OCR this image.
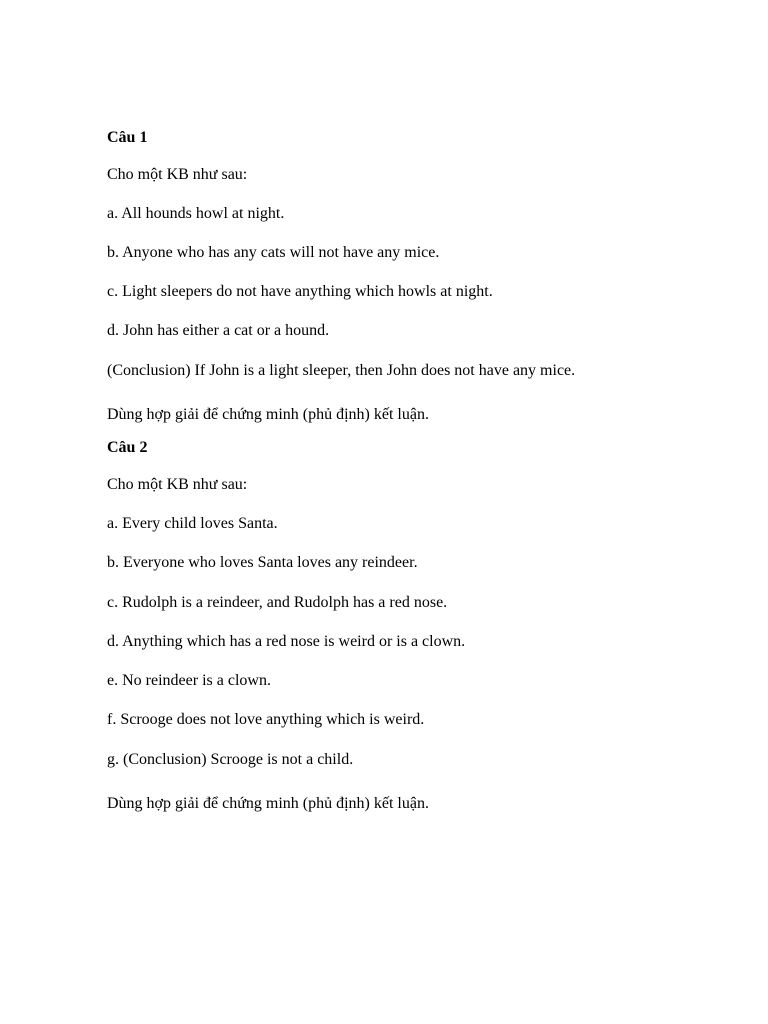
Câu 1
Cho một KB như sau:
a. All hounds howl at night.
b. Anyone who has any cats will not have any mice.
c. Light sleepers do not have anything which howls at night.
d. John has either a cat or a hound.
(Conclusion) If John is a light sleeper, then John does not have any mice.
Dùng hợp giải để chứng minh (phủ định) kết luận.
Câu 2
Cho một KB như sau:
a. Every child loves Santa.
b. Everyone who loves Santa loves any reindeer.
c. Rudolph is a reindeer, and Rudolph has a red nose.
d. Anything which has a red nose is weird or is a clown.
e. No reindeer is a clown.
f. Scrooge does not love anything which is weird.
g. (Conclusion) Scrooge is not a child.
Dùng hợp giải để chứng minh (phủ định) kết luận.
